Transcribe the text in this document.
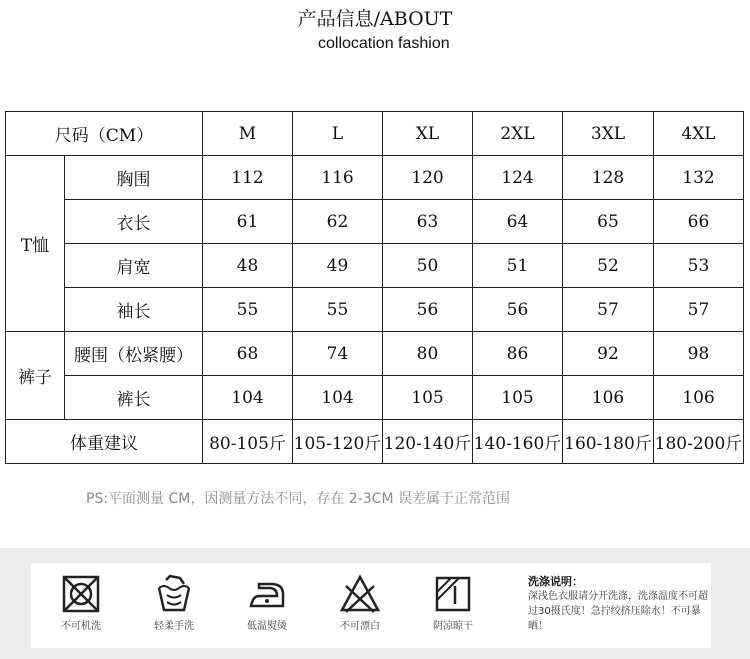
产品信息/ABOUT
collocation fashion
尺码（CM）		M	L	XL	2XL	3XL	4XL
T恤	胸围	112	116	120	124	128	132
	衣长	61	62	63	64	65	66
	肩宽	48	49	50	51	52	53
	袖长	55	55	56	56	57	57
裤子	腰围（松紧腰）	68	74	80	86	92	98
	裤长	104	104	105	105	106	106
体重建议		80-105斤	105-120斤	120-140斤	140-160斤	160-180斤	180-200斤
PS:平面测量 CM，因测量方法不同，存在 2-3CM 误差属于正常范围
不可机洗	轻柔手洗	低温熨烫	不可漂白	阴凉晾干
洗涤说明：
深浅色衣服请分开洗涤，洗涤温度不可超过30摄氏度！急拧绞挤压除水！不可暴晒！
